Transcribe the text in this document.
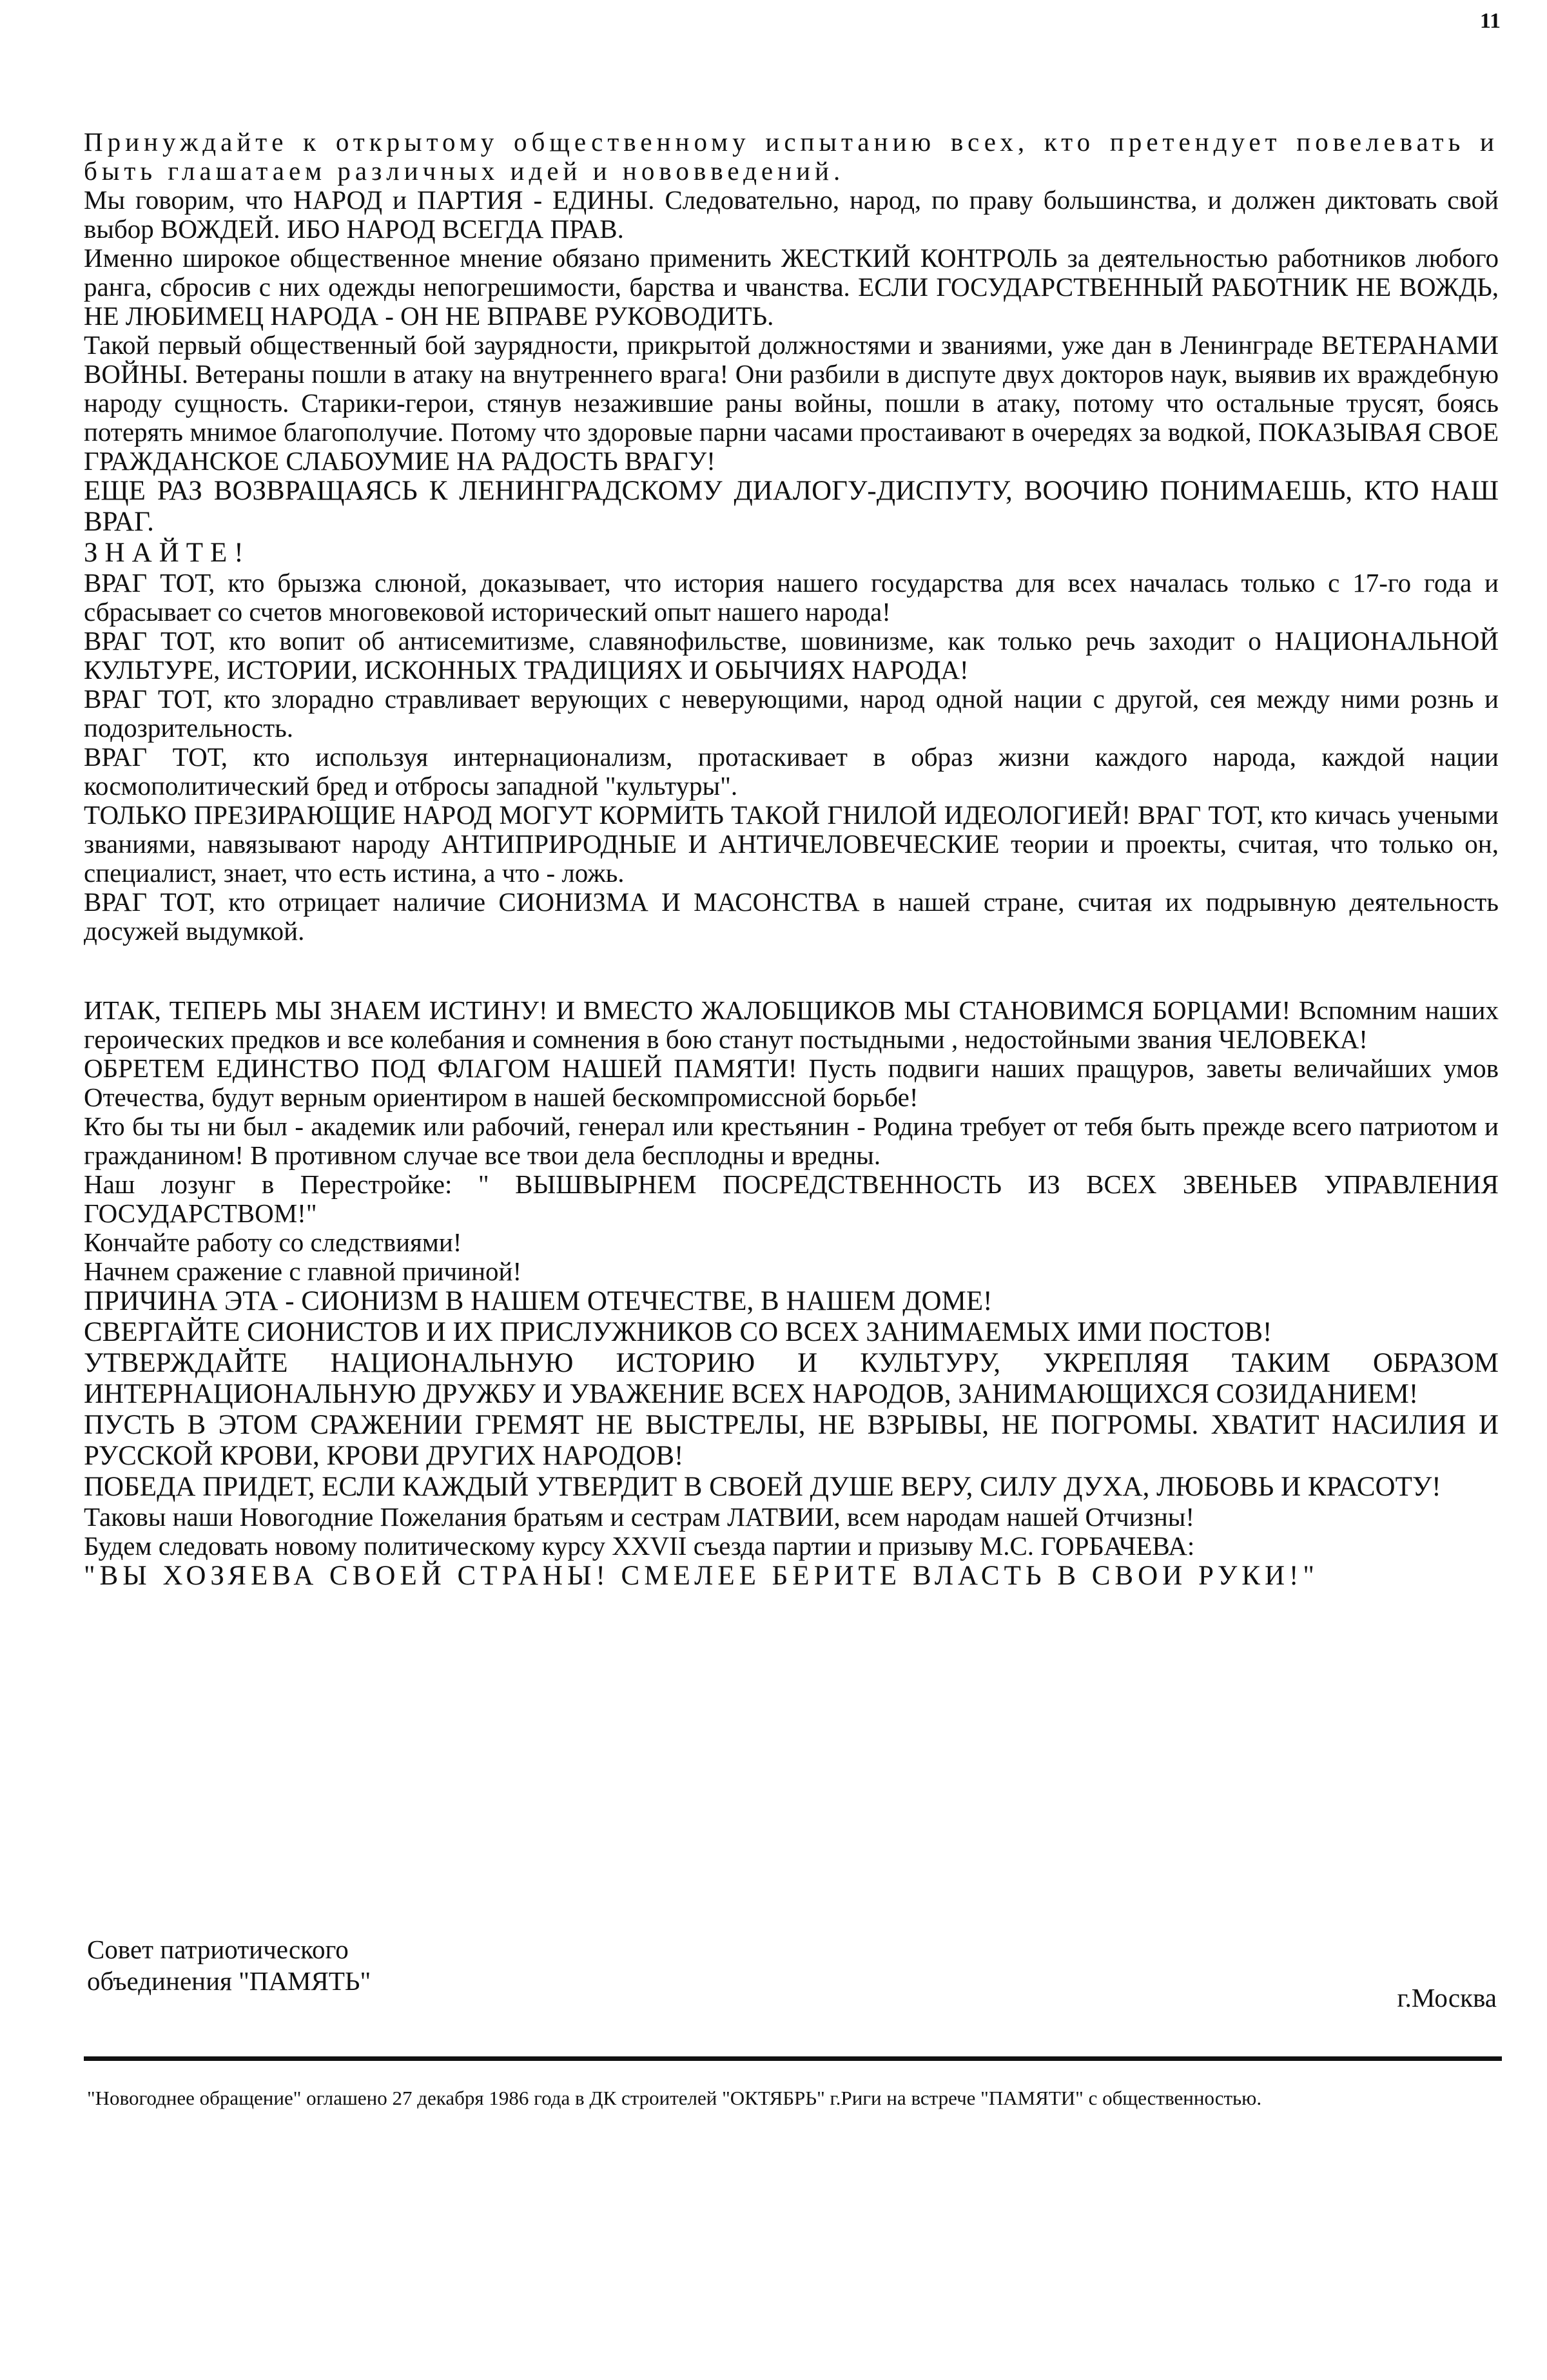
11

Принуждайте к открытому общественному испытанию всех, кто претендует повелевать и быть глашатаем различных идей и нововведений.

Мы говорим, что НАРОД и ПАРТИЯ - ЕДИНЫ. Следовательно, народ, по праву большинства, и должен диктовать свой выбор ВОЖДЕЙ. ИБО НАРОД ВСЕГДА ПРАВ.

Именно широкое общественное мнение обязано применить ЖЕСТКИЙ КОНТРОЛЬ за деятельностью работников любого ранга, сбросив с них одежды непогрешимости, барства и чванства. ЕСЛИ ГОСУДАРСТВЕННЫЙ РАБОТНИК НЕ ВОЖДЬ, НЕ ЛЮБИМЕЦ НАРОДА - ОН НЕ ВПРАВЕ РУКОВОДИТЬ.

Такой первый общественный бой заурядности, прикрытой должностями и званиями, уже дан в Ленинграде ВЕТЕРАНАМИ ВОЙНЫ. Ветераны пошли в атаку на внутреннего врага! Они разбили в диспуте двух докторов наук, выявив их враждебную народу сущность. Старики-герои, стянув незажившие раны войны, пошли в атаку, потому что остальные трусят, боясь потерять мнимое благополучие. Потому что здоровые парни часами простаивают в очередях за водкой, ПОКАЗЫВАЯ СВОЕ ГРАЖДАНСКОЕ СЛАБОУМИЕ НА РАДОСТЬ ВРАГУ!

ЕЩЕ РАЗ ВОЗВРАЩАЯСЬ К ЛЕНИНГРАДСКОМУ ДИАЛОГУ-ДИСПУТУ, ВООЧИЮ ПОНИМАЕШЬ, КТО НАШ ВРАГ.

ЗНАЙТЕ!

ВРАГ ТОТ, кто брызжа слюной, доказывает, что история нашего государства для всех началась только с 17-го года и сбрасывает со счетов многовековой исторический опыт нашего народа!

ВРАГ ТОТ, кто вопит об антисемитизме, славянофильстве, шовинизме, как только речь заходит о НАЦИОНАЛЬНОЙ КУЛЬТУРЕ, ИСТОРИИ, ИСКОННЫХ ТРАДИЦИЯХ И ОБЫЧИЯХ НАРОДА!

ВРАГ ТОТ, кто злорадно стравливает верующих с неверующими, народ одной нации с другой, сея между ними рознь и подозрительность.

ВРАГ ТОТ, кто используя интернационализм, протаскивает в образ жизни каждого народа, каждой нации космополитический бред и отбросы западной "культуры".

ТОЛЬКО ПРЕЗИРАЮЩИЕ НАРОД МОГУТ КОРМИТЬ ТАКОЙ ГНИЛОЙ ИДЕОЛОГИЕЙ! ВРАГ ТОТ, кто кичась учеными званиями, навязывают народу АНТИПРИРОДНЫЕ И АНТИЧЕЛОВЕЧЕСКИЕ теории и проекты, считая, что только он, специалист, знает, что есть истина, а что - ложь.

ВРАГ ТОТ, кто отрицает наличие СИОНИЗМА И МАСОНСТВА в нашей стране, считая их подрывную деятельность досужей выдумкой.

ИТАК, ТЕПЕРЬ МЫ ЗНАЕМ ИСТИНУ! И ВМЕСТО ЖАЛОБЩИКОВ МЫ СТАНОВИМСЯ БОРЦАМИ! Вспомним наших героических предков и все колебания и сомнения в бою станут постыдными , недостойными звания ЧЕЛОВЕКА!

ОБРЕТЕМ ЕДИНСТВО ПОД ФЛАГОМ НАШЕЙ ПАМЯТИ! Пусть подвиги наших пращуров, заветы величайших умов Отечества, будут верным ориентиром в нашей бескомпромиссной борьбе!

Кто бы ты ни был - академик или рабочий, генерал или крестьянин - Родина требует от тебя быть прежде всего патриотом и гражданином! В противном случае все твои дела бесплодны и вредны.

Наш лозунг в Перестройке: " ВЫШВЫРНЕМ ПОСРЕДСТВЕННОСТЬ ИЗ ВСЕХ ЗВЕНЬЕВ УПРАВЛЕНИЯ ГОСУДАРСТВОМ!"

Кончайте работу со следствиями!

Начнем сражение с главной причиной!

ПРИЧИНА ЭТА - СИОНИЗМ В НАШЕМ ОТЕЧЕСТВЕ, В НАШЕМ ДОМЕ!

СВЕРГАЙТЕ СИОНИСТОВ И ИХ ПРИСЛУЖНИКОВ СО ВСЕХ ЗАНИМАЕМЫХ ИМИ ПОСТОВ!

УТВЕРЖДАЙТЕ НАЦИОНАЛЬНУЮ ИСТОРИЮ И КУЛЬТУРУ, УКРЕПЛЯЯ ТАКИМ ОБРАЗОМ ИНТЕРНАЦИОНАЛЬНУЮ ДРУЖБУ И УВАЖЕНИЕ ВСЕХ НАРОДОВ, ЗАНИМАЮЩИХСЯ СОЗИДАНИЕМ!

ПУСТЬ В ЭТОМ СРАЖЕНИИ ГРЕМЯТ НЕ ВЫСТРЕЛЫ, НЕ ВЗРЫВЫ, НЕ ПОГРОМЫ. ХВАТИТ НАСИЛИЯ И РУССКОЙ КРОВИ, КРОВИ ДРУГИХ НАРОДОВ!

ПОБЕДА ПРИДЕТ, ЕСЛИ КАЖДЫЙ УТВЕРДИТ В СВОЕЙ ДУШЕ ВЕРУ, СИЛУ ДУХА, ЛЮБОВЬ И КРАСОТУ!

Таковы наши Новогодние Пожелания братьям и сестрам ЛАТВИИ, всем народам нашей Отчизны!

Будем следовать новому политическому курсу XXVII съезда партии и призыву М.С. ГОРБАЧЕВА:

"ВЫ ХОЗЯЕВА СВОЕЙ СТРАНЫ! СМЕЛЕЕ БЕРИТЕ ВЛАСТЬ В СВОИ РУКИ!"

Совет патриотического
объединения "ПАМЯТЬ"
г.Москва
"Новогоднее обращение" оглашено 27 декабря 1986 года в ДК строителей "ОКТЯБРЬ" г.Риги на встрече "ПАМЯТИ" с общественностью.
